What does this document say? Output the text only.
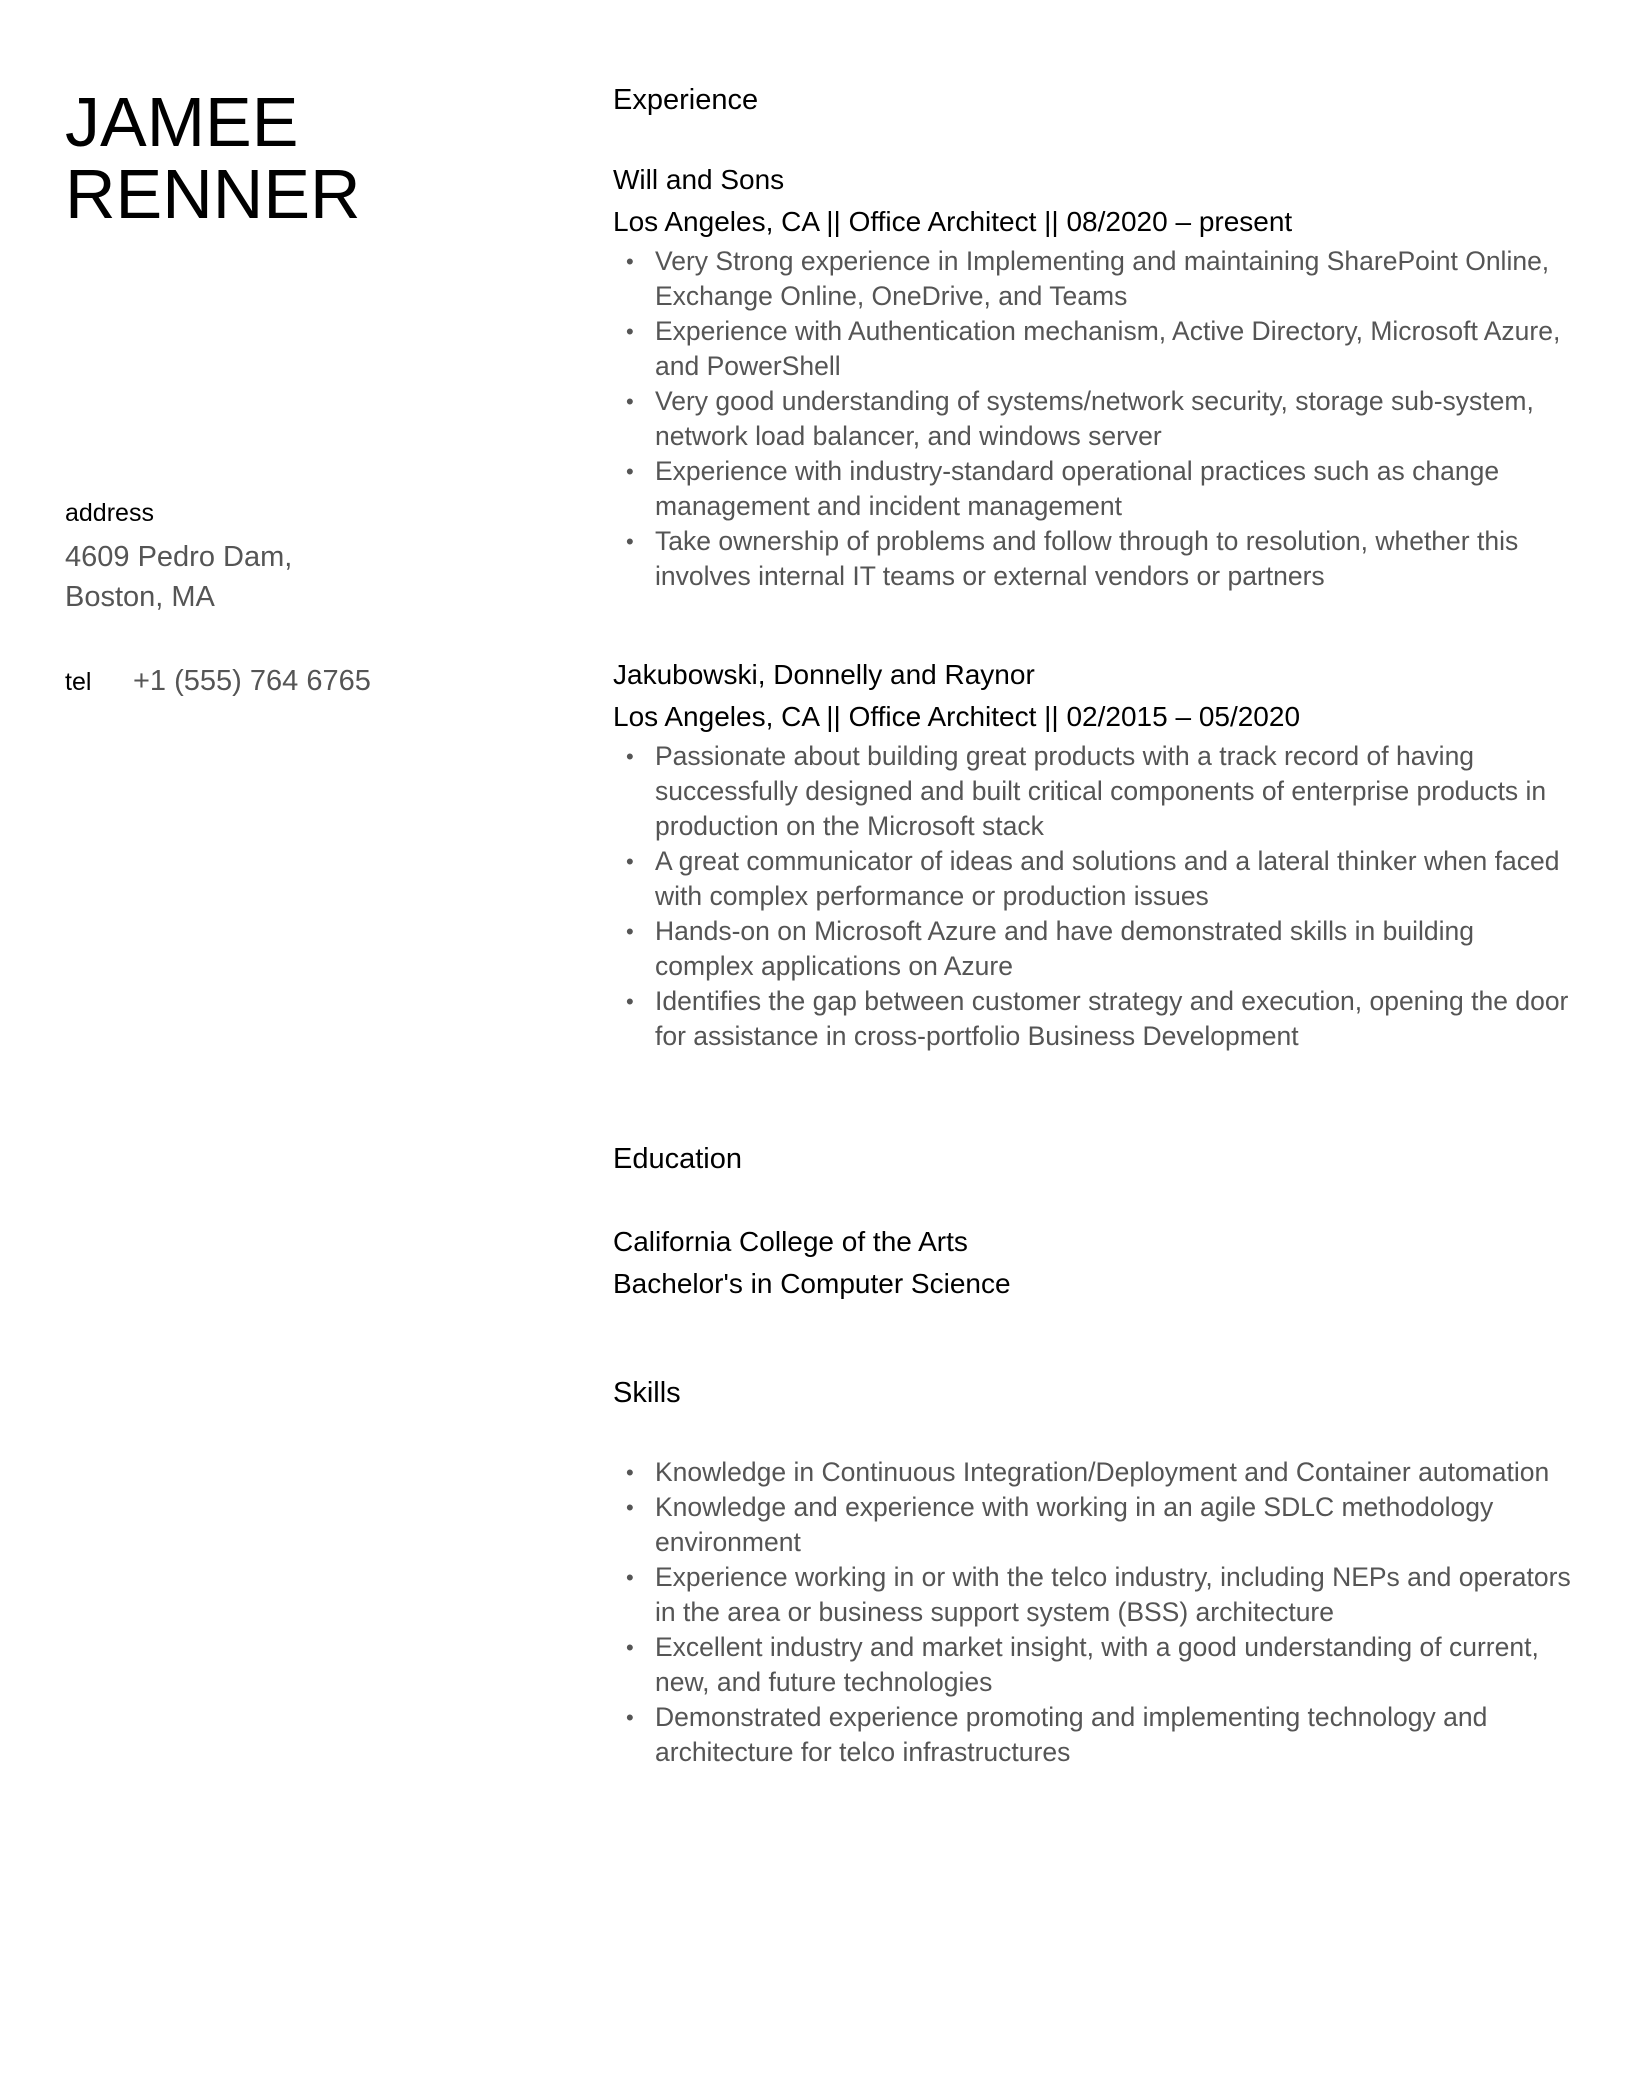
JAMEE
RENNER
address
4609 Pedro Dam,
Boston, MA
tel	+1 (555) 764 6765
Experience
Will and Sons
Los Angeles, CA || Office Architect || 08/2020 – present
• Very Strong experience in Implementing and maintaining SharePoint Online, Exchange Online, OneDrive, and Teams
• Experience with Authentication mechanism, Active Directory, Microsoft Azure, and PowerShell
• Very good understanding of systems/network security, storage sub-system, network load balancer, and windows server
• Experience with industry-standard operational practices such as change management and incident management
• Take ownership of problems and follow through to resolution, whether this involves internal IT teams or external vendors or partners
Jakubowski, Donnelly and Raynor
Los Angeles, CA || Office Architect || 02/2015 – 05/2020
• Passionate about building great products with a track record of having successfully designed and built critical components of enterprise products in production on the Microsoft stack
• A great communicator of ideas and solutions and a lateral thinker when faced with complex performance or production issues
• Hands-on on Microsoft Azure and have demonstrated skills in building complex applications on Azure
• Identifies the gap between customer strategy and execution, opening the door for assistance in cross-portfolio Business Development
Education
California College of the Arts
Bachelor's in Computer Science
Skills
• Knowledge in Continuous Integration/Deployment and Container automation
• Knowledge and experience with working in an agile SDLC methodology environment
• Experience working in or with the telco industry, including NEPs and operators in the area or business support system (BSS) architecture
• Excellent industry and market insight, with a good understanding of current, new, and future technologies
• Demonstrated experience promoting and implementing technology and architecture for telco infrastructures
